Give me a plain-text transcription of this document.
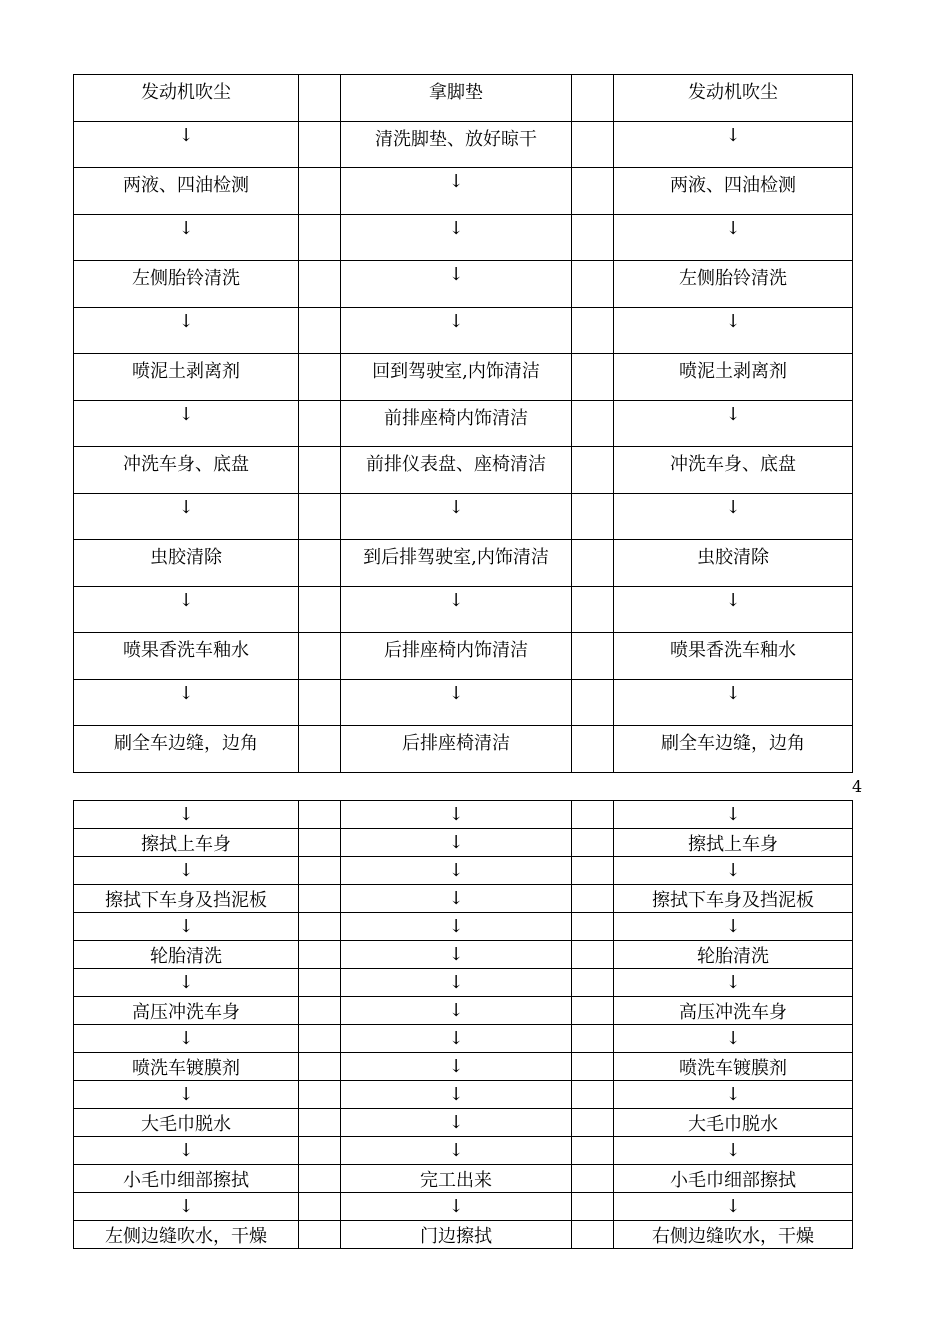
发动机吹尘		拿脚垫		发动机吹尘
↓		清洗脚垫、放好晾干		↓
两液、四油检测		↓		两液、四油检测
↓		↓		↓
左侧胎铃清洗		↓		左侧胎铃清洗
↓		↓		↓
喷泥土剥离剂		回到驾驶室,内饰清洁		喷泥土剥离剂
↓		前排座椅内饰清洁		↓
冲洗车身、底盘		前排仪表盘、座椅清洁		冲洗车身、底盘
↓		↓		↓
虫胶清除		到后排驾驶室,内饰清洁		虫胶清除
↓		↓		↓
喷果香洗车釉水		后排座椅内饰清洁		喷果香洗车釉水
↓		↓		↓
刷全车边缝，边角		后排座椅清洁		刷全车边缝，边角
4
↓		↓		↓
擦拭上车身		↓		擦拭上车身
↓		↓		↓
擦拭下车身及挡泥板		↓		擦拭下车身及挡泥板
↓		↓		↓
轮胎清洗		↓		轮胎清洗
↓		↓		↓
高压冲洗车身		↓		高压冲洗车身
↓		↓		↓
喷洗车镀膜剂		↓		喷洗车镀膜剂
↓		↓		↓
大毛巾脱水		↓		大毛巾脱水
↓		↓		↓
小毛巾细部擦拭		完工出来		小毛巾细部擦拭
↓		↓		↓
左侧边缝吹水，干燥		门边擦拭		右侧边缝吹水，干燥
